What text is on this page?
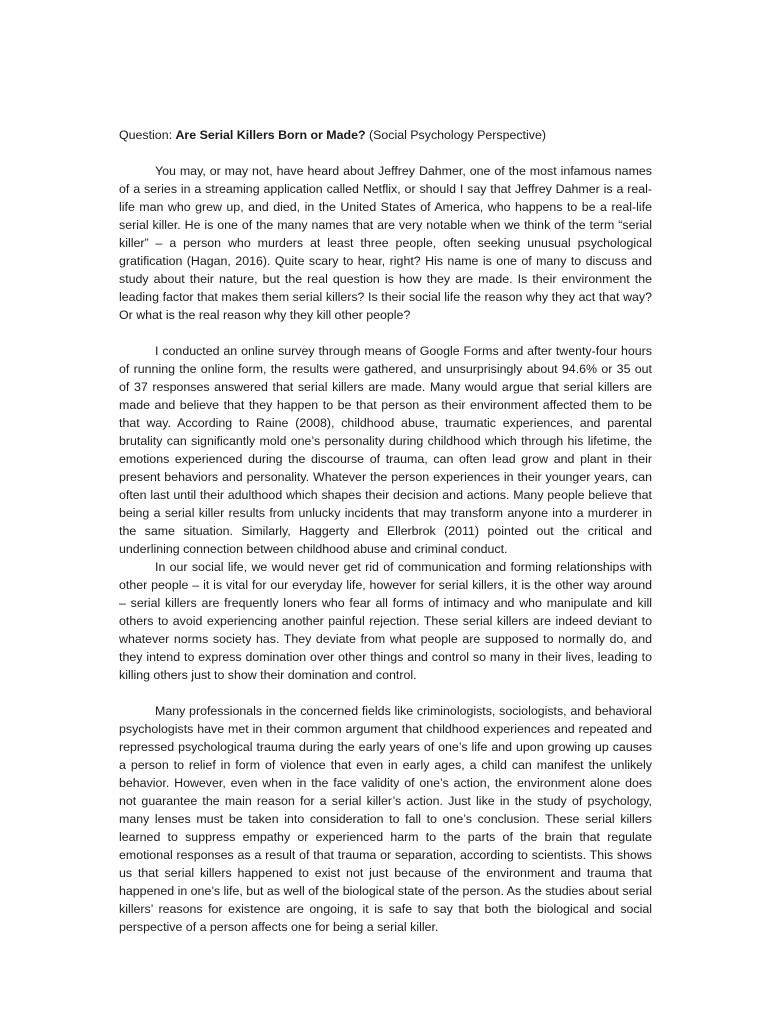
Question: Are Serial Killers Born or Made? (Social Psychology Perspective)

You may, or may not, have heard about Jeffrey Dahmer, one of the most infamous names of a series in a streaming application called Netflix, or should I say that Jeffrey Dahmer is a real-life man who grew up, and died, in the United States of America, who happens to be a real-life serial killer. He is one of the many names that are very notable when we think of the term “serial killer” – a person who murders at least three people, often seeking unusual psychological gratification (Hagan, 2016). Quite scary to hear, right? His name is one of many to discuss and study about their nature, but the real question is how they are made. Is their environment the leading factor that makes them serial killers? Is their social life the reason why they act that way? Or what is the real reason why they kill other people?

I conducted an online survey through means of Google Forms and after twenty-four hours of running the online form, the results were gathered, and unsurprisingly about 94.6% or 35 out of 37 responses answered that serial killers are made. Many would argue that serial killers are made and believe that they happen to be that person as their environment affected them to be that way. According to Raine (2008), childhood abuse, traumatic experiences, and parental brutality can significantly mold one’s personality during childhood which through his lifetime, the emotions experienced during the discourse of trauma, can often lead grow and plant in their present behaviors and personality. Whatever the person experiences in their younger years, can often last until their adulthood which shapes their decision and actions. Many people believe that being a serial killer results from unlucky incidents that may transform anyone into a murderer in the same situation. Similarly, Haggerty and Ellerbrok (2011) pointed out the critical and underlining connection between childhood abuse and criminal conduct.

In our social life, we would never get rid of communication and forming relationships with other people – it is vital for our everyday life, however for serial killers, it is the other way around – serial killers are frequently loners who fear all forms of intimacy and who manipulate and kill others to avoid experiencing another painful rejection. These serial killers are indeed deviant to whatever norms society has. They deviate from what people are supposed to normally do, and they intend to express domination over other things and control so many in their lives, leading to killing others just to show their domination and control.

Many professionals in the concerned fields like criminologists, sociologists, and behavioral psychologists have met in their common argument that childhood experiences and repeated and repressed psychological trauma during the early years of one’s life and upon growing up causes a person to relief in form of violence that even in early ages, a child can manifest the unlikely behavior. However, even when in the face validity of one’s action, the environment alone does not guarantee the main reason for a serial killer’s action. Just like in the study of psychology, many lenses must be taken into consideration to fall to one’s conclusion. These serial killers learned to suppress empathy or experienced harm to the parts of the brain that regulate emotional responses as a result of that trauma or separation, according to scientists. This shows us that serial killers happened to exist not just because of the environment and trauma that happened in one’s life, but as well of the biological state of the person. As the studies about serial killers’ reasons for existence are ongoing, it is safe to say that both the biological and social perspective of a person affects one for being a serial killer.
